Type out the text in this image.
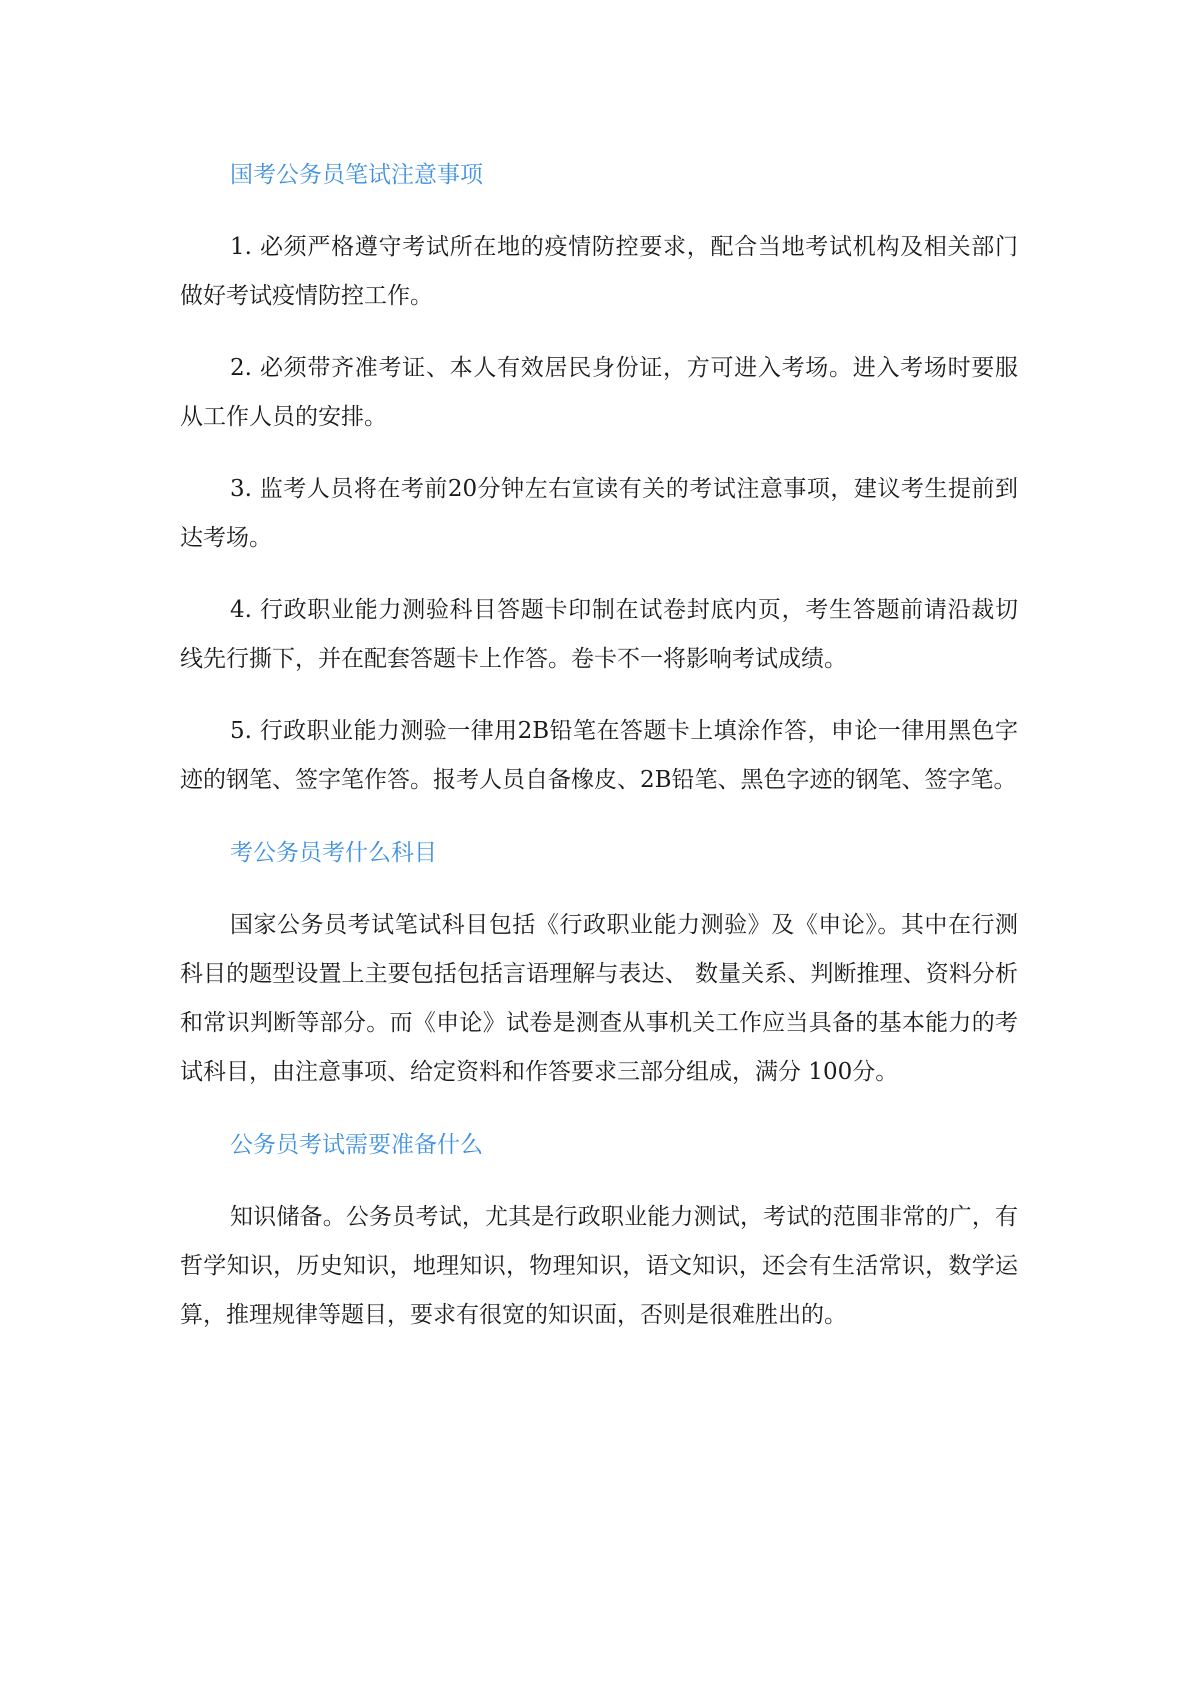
国考公务员笔试注意事项

1. 必须严格遵守考试所在地的疫情防控要求，配合当地考试机构及相关部门做好考试疫情防控工作。

2. 必须带齐准考证、本人有效居民身份证，方可进入考场。进入考场时要服从工作人员的安排。

3. 监考人员将在考前20分钟左右宣读有关的考试注意事项，建议考生提前到达考场。

4. 行政职业能力测验科目答题卡印制在试卷封底内页，考生答题前请沿裁切线先行撕下，并在配套答题卡上作答。卷卡不一将影响考试成绩。

5. 行政职业能力测验一律用2B铅笔在答题卡上填涂作答，申论一律用黑色字迹的钢笔、签字笔作答。报考人员自备橡皮、2B铅笔、黑色字迹的钢笔、签字笔。

考公务员考什么科目

国家公务员考试笔试科目包括《行政职业能力测验》及《申论》。其中在行测科目的题型设置上主要包括包括言语理解与表达、 数量关系、判断推理、资料分析和常识判断等部分。而《申论》试卷是测查从事机关工作应当具备的基本能力的考试科目，由注意事项、给定资料和作答要求三部分组成，满分 100分。

公务员考试需要准备什么

知识储备。公务员考试，尤其是行政职业能力测试，考试的范围非常的广，有哲学知识，历史知识，地理知识，物理知识，语文知识，还会有生活常识，数学运算，推理规律等题目，要求有很宽的知识面，否则是很难胜出的。
